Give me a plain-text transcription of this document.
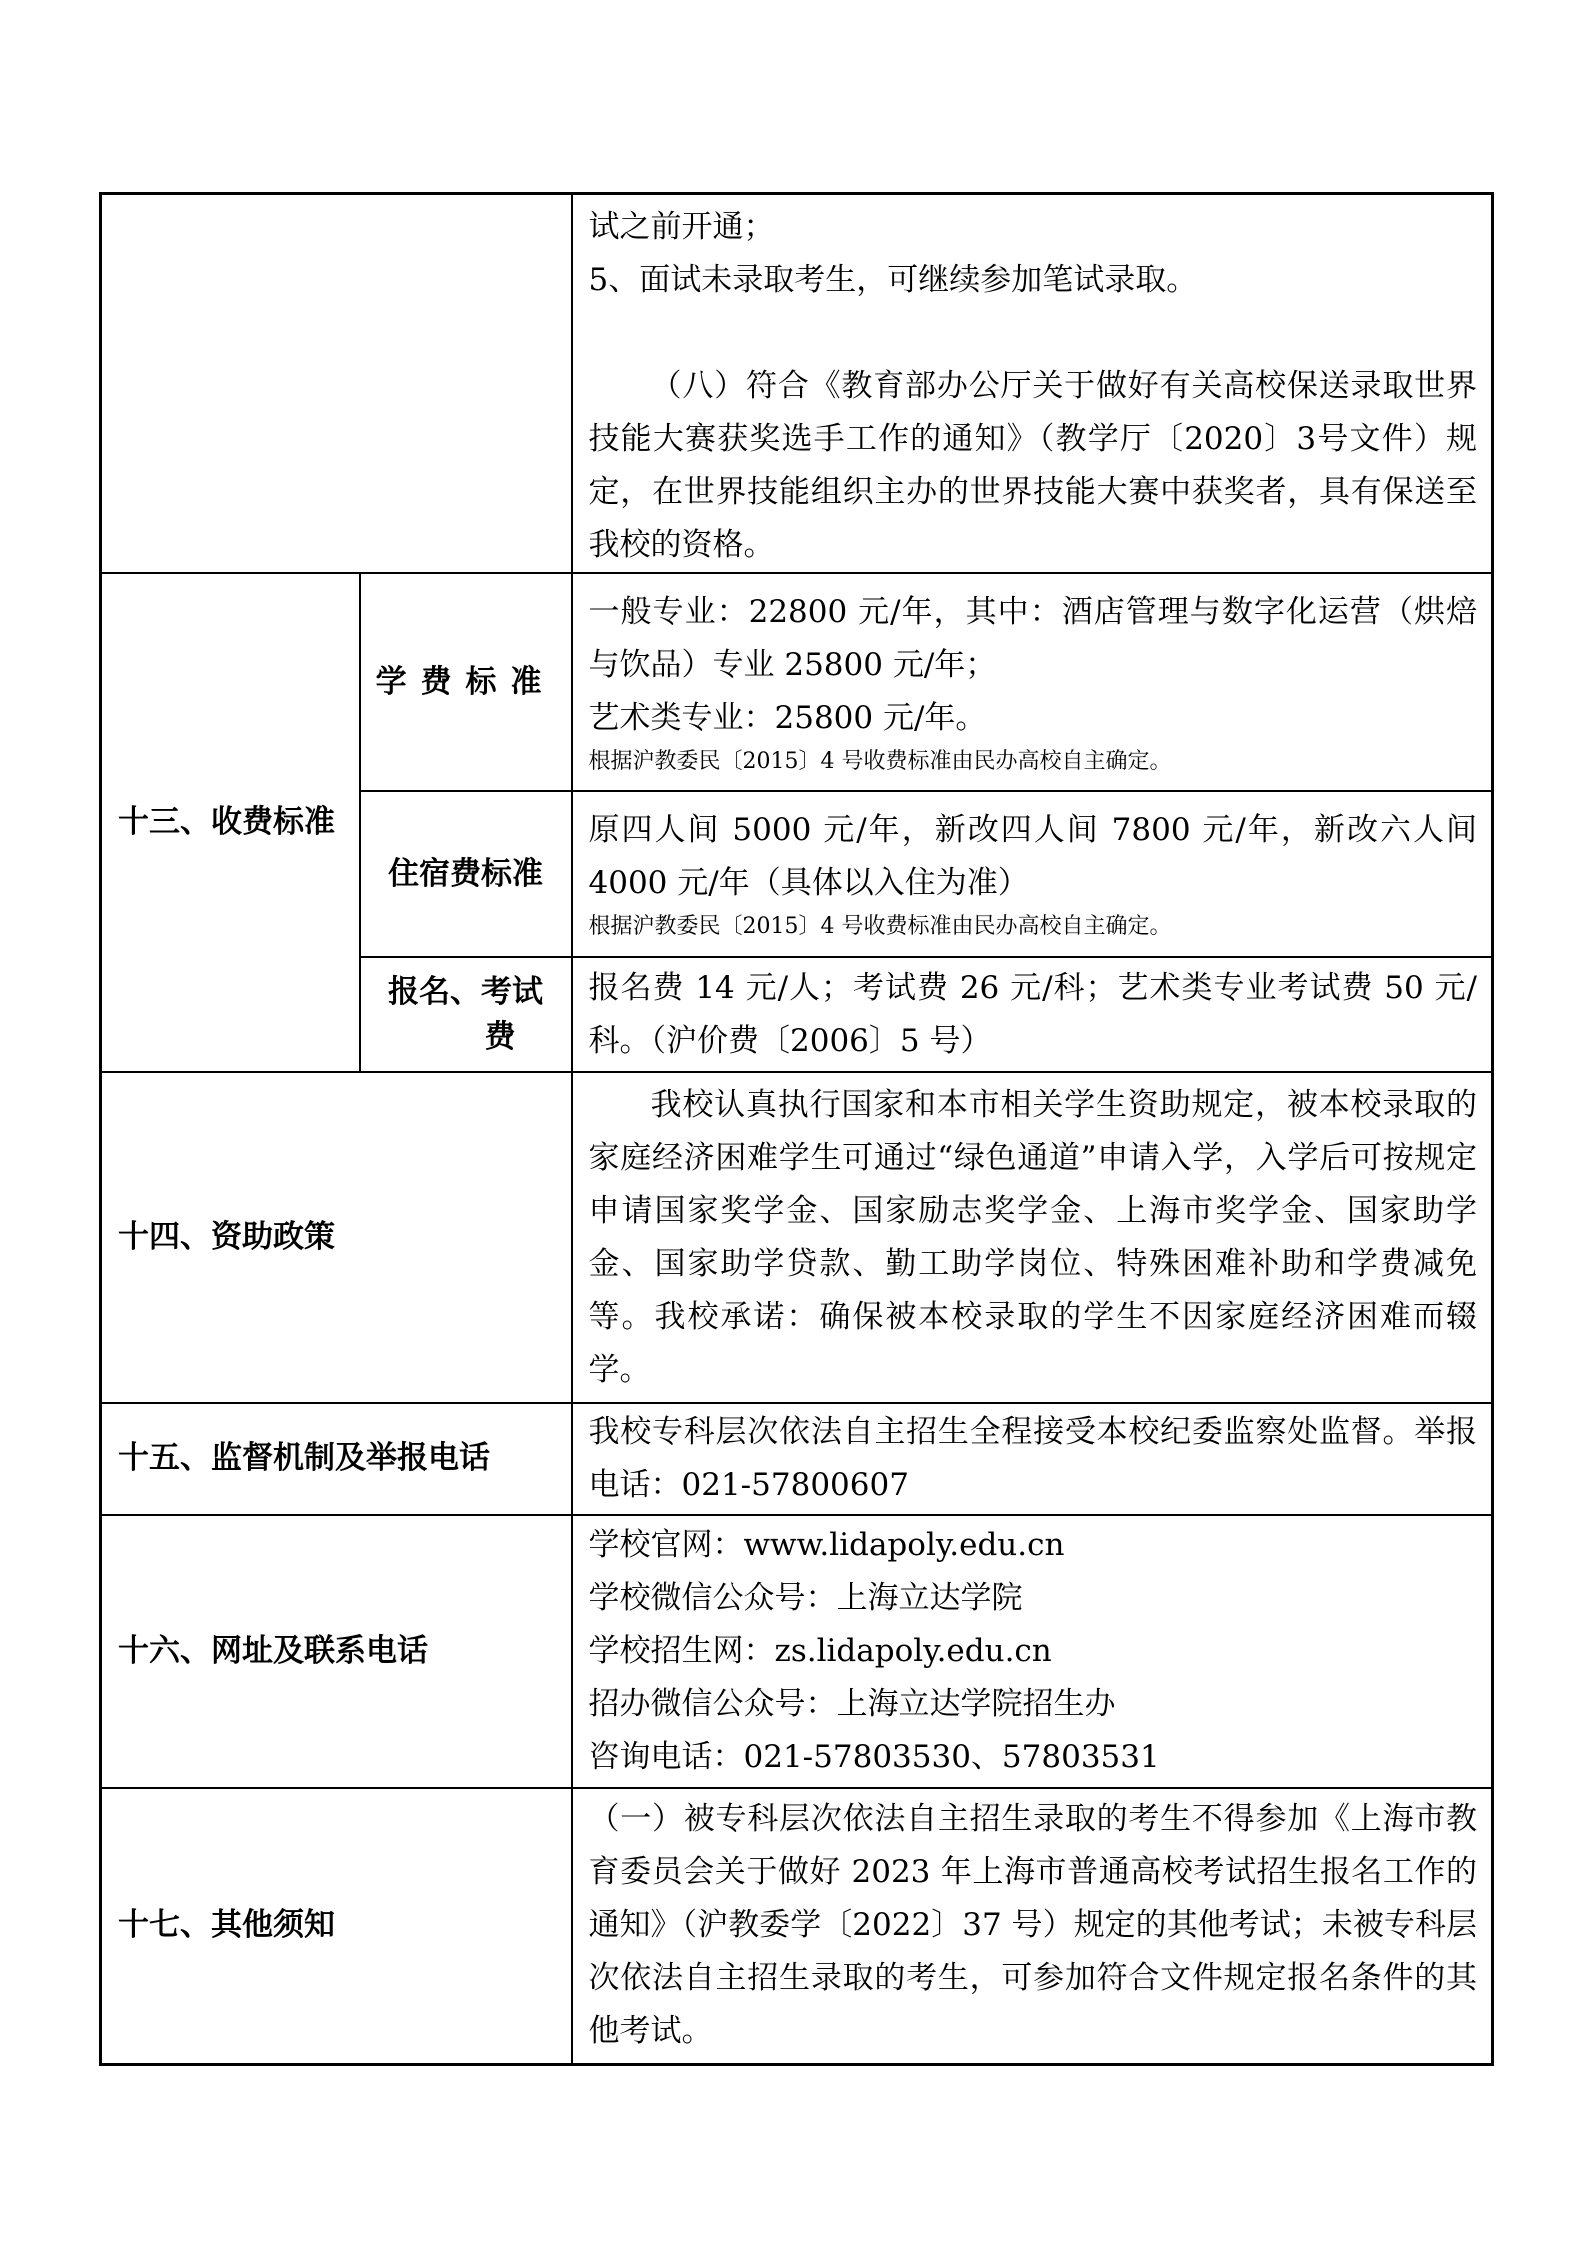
		试之前开通；

5、面试未录取考生，可继续参加笔试录取。

（八）符合《教育部办公厅关于做好有关高校保送录取世界技能大赛获奖选手工作的通知》（教学厅〔2020〕3号文件）规定，在世界技能组织主办的世界技能大赛中获奖者，具有保送至我校的资格。

十三、收费标准	学费标准	一般专业：22800 元/年，其中：酒店管理与数字化运营（烘焙与饮品）专业 25800 元/年；

艺术类专业：25800 元/年。

根据沪教委民〔2015〕4 号收费标准由民办高校自主确定。

	住宿费标准	原四人间 5000 元/年，新改四人间 7800 元/年，新改六人间 4000 元/年（具体以入住为准）

根据沪教委民〔2015〕4 号收费标准由民办高校自主确定。

	报名、考试
费	报名费 14 元/人；考试费 26 元/科；艺术类专业考试费 50 元/科。（沪价费〔2006〕5 号）

十四、资助政策		我校认真执行国家和本市相关学生资助规定，被本校录取的家庭经济困难学生可通过“绿色通道”申请入学，入学后可按规定申请国家奖学金、国家励志奖学金、上海市奖学金、国家助学金、国家助学贷款、勤工助学岗位、特殊困难补助和学费减免等。我校承诺：确保被本校录取的学生不因家庭经济困难而辍学。

十五、监督机制及举报电话		我校专科层次依法自主招生全程接受本校纪委监察处监督。举报电话：021-57800607

十六、网址及联系电话		学校官网：www.lidapoly.edu.cn

学校微信公众号：上海立达学院

学校招生网：zs.lidapoly.edu.cn

招办微信公众号：上海立达学院招生办

咨询电话：021-57803530、57803531

十七、其他须知		（一）被专科层次依法自主招生录取的考生不得参加《上海市教育委员会关于做好 2023 年上海市普通高校考试招生报名工作的通知》（沪教委学〔2022〕37 号）规定的其他考试；未被专科层次依法自主招生录取的考生，可参加符合文件规定报名条件的其他考试。
